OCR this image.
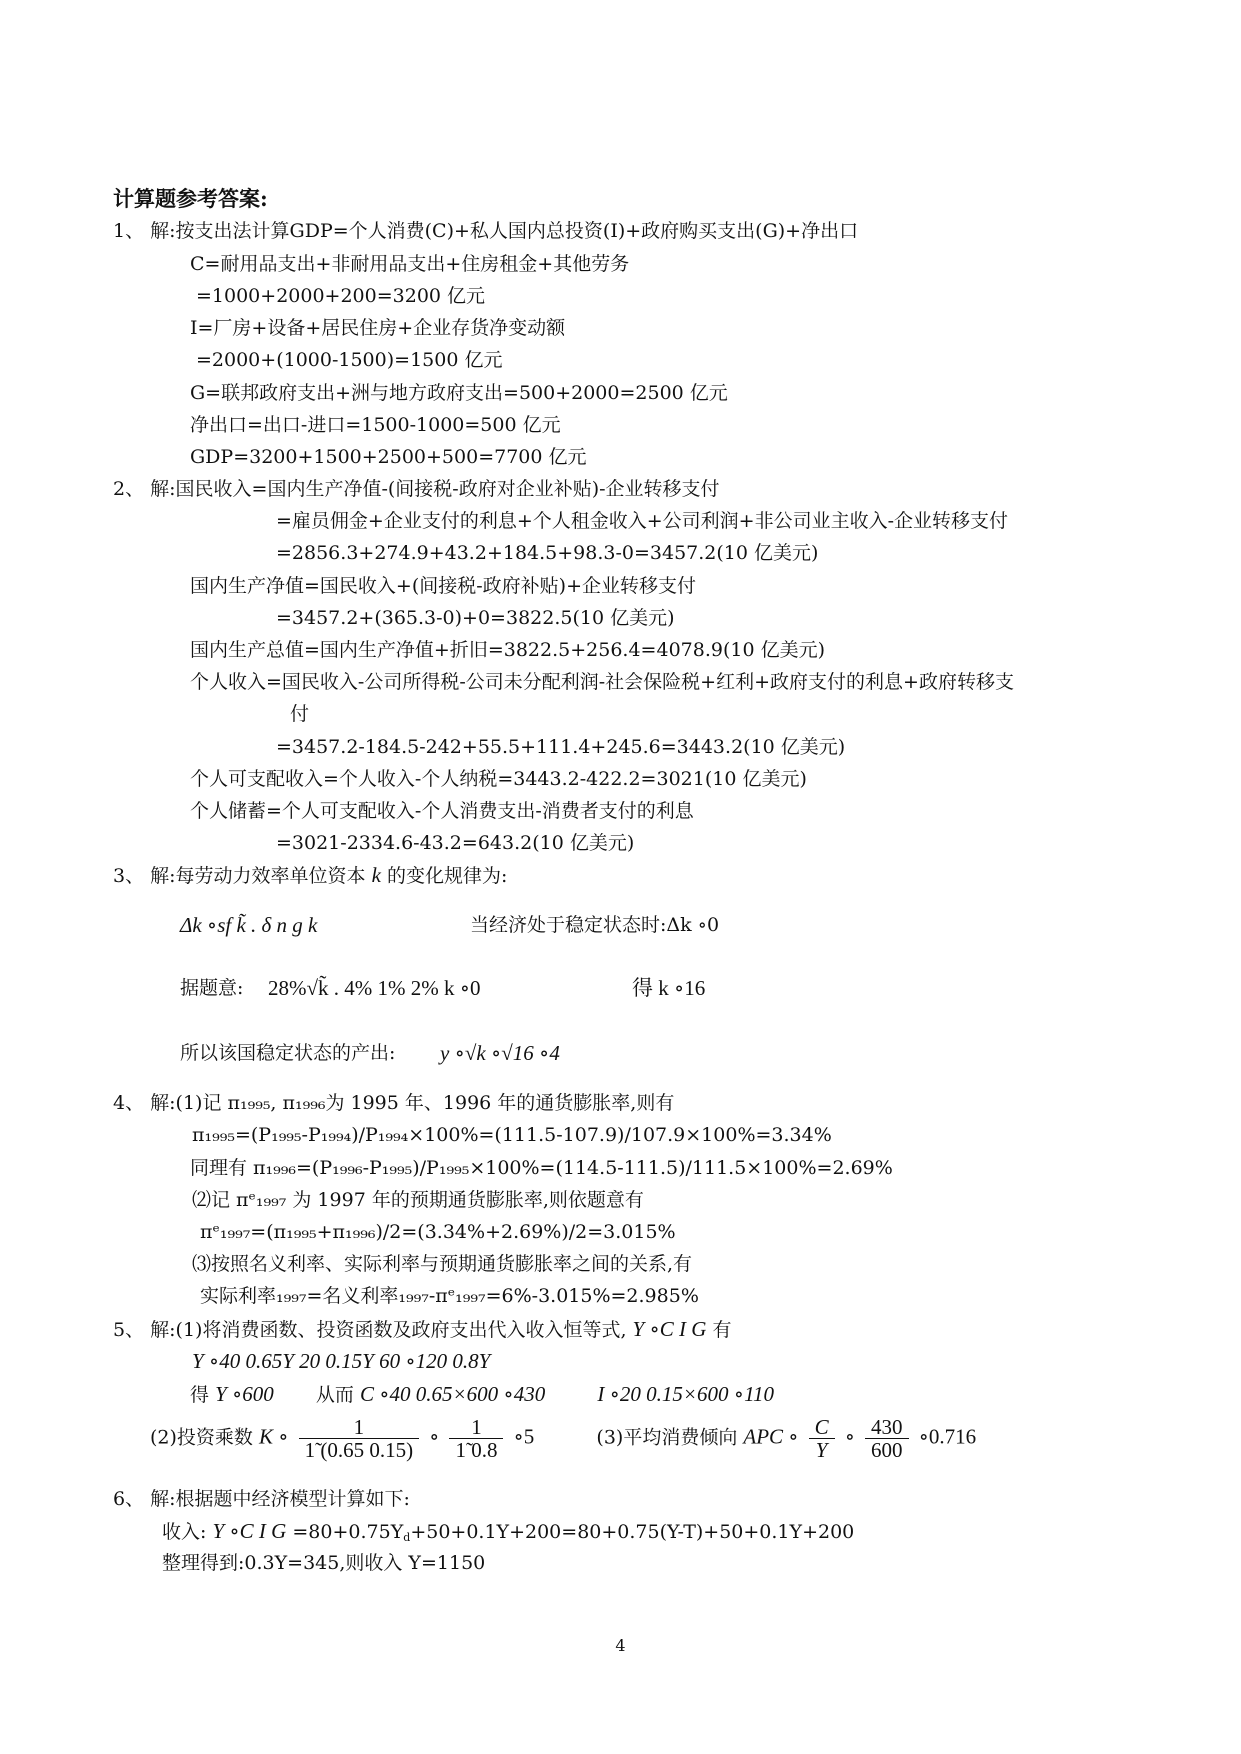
计算题参考答案:
1、 解:按支出法计算GDP=个人消费(C)+私人国内总投资(I)+政府购买支出(G)+净出口
C=耐用品支出+非耐用品支出+住房租金+其他劳务
=1000+2000+200=3200 亿元
I=厂房+设备+居民住房+企业存货净变动额
=2000+(1000-1500)=1500 亿元
G=联邦政府支出+洲与地方政府支出=500+2000=2500 亿元
净出口=出口-进口=1500-1000=500 亿元
GDP=3200+1500+2500+500=7700 亿元
2、 解:国民收入=国内生产净值-(间接税-政府对企业补贴)-企业转移支付
=雇员佣金+企业支付的利息+个人租金收入+公司利润+非公司业主收入-企业转移支付
=2856.3+274.9+43.2+184.5+98.3-0=3457.2(10 亿美元)
国内生产净值=国民收入+(间接税-政府补贴)+企业转移支付
=3457.2+(365.3-0)+0=3822.5(10 亿美元)
国内生产总值=国内生产净值+折旧=3822.5+256.4=4078.9(10 亿美元)
个人收入=国民收入-公司所得税-公司未分配利润-社会保险税+红利+政府支付的利息+政府转移支
付
=3457.2-184.5-242+55.5+111.4+245.6=3443.2(10 亿美元)
个人可支配收入=个人收入-个人纳税=3443.2-422.2=3021(10 亿美元)
个人储蓄=个人可支配收入-个人消费支出-消费者支付的利息
=3021-2334.6-43.2=643.2(10 亿美元)
3、 解:每劳动力效率单位资本 k 的变化规律为:
Δk ∘sf k̃ . δ n g k	当经济处于稳定状态时:Δk ∘0
据题意: 28%√k̃ . 4% 1% 2% k ∘0	得 k ∘16
所以该国稳定状态的产出: y ∘√k ∘√16 ∘4
4、 解:(1)记 π₁₉₉₅, π₁₉₉₆为 1995 年、1996 年的通货膨胀率,则有
π₁₉₉₅=(P₁₉₉₅-P₁₉₉₄)/P₁₉₉₄×100%=(111.5-107.9)/107.9×100%=3.34%
同理有 π₁₉₉₆=(P₁₉₉₆-P₁₉₉₅)/P₁₉₉₅×100%=(114.5-111.5)/111.5×100%=2.69%
⑵记 πᵉ₁₉₉₇ 为 1997 年的预期通货膨胀率,则依题意有
πᵉ₁₉₉₇=(π₁₉₉₅+π₁₉₉₆)/2=(3.34%+2.69%)/2=3.015%
⑶按照名义利率、实际利率与预期通货膨胀率之间的关系,有
实际利率₁₉₉₇=名义利率₁₉₉₇-πᵉ₁₉₉₇=6%-3.015%=2.985%
5、 解:(1)将消费函数、投资函数及政府支出代入收入恒等式, Y ∘C I G 有
Y ∘40 0.65Y 20 0.15Y 60 ∘120 0.8Y
得 Y ∘600 从而 C ∘40 0.65×600 ∘430 I ∘20 0.15×600 ∘110
(2)投资乘数 K ∘ $\frac{1}{1̃ (0.65 0.15)}$ ∘ $\frac{1}{1̃ 0.8}$ ∘5	(3)平均消费倾向 APC ∘ $\frac{C}{Y}$ ∘ $\frac{430}{600}$ ∘0.716
6、 解:根据题中经济模型计算如下:
收入: Y ∘C I $G =80+0.75Y_d+50+0.1Y+200=80+0.75(Y-T)+50+0.1Y+200$
整理得到:0.3Y=345,则收入 Y=1150
4
